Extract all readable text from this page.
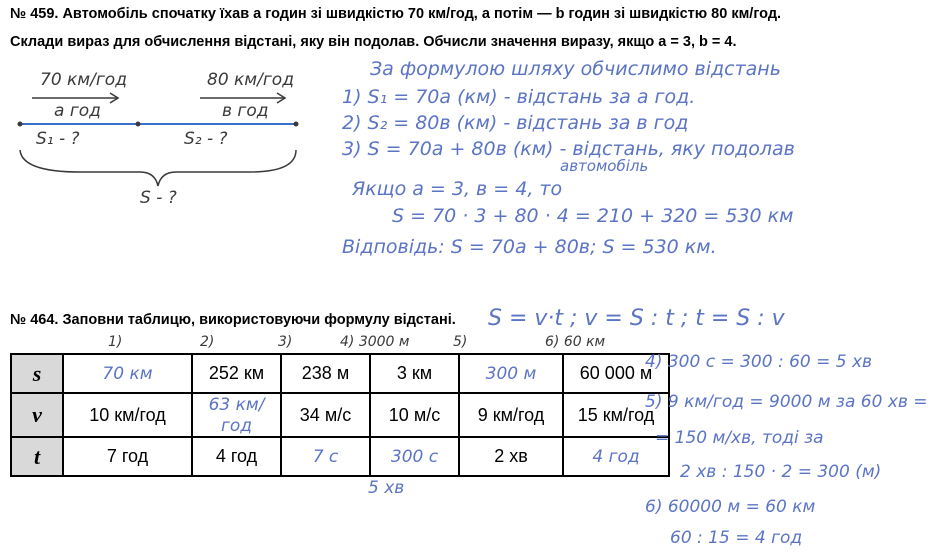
№ 459. Автомобіль спочатку їхав a годин зі швидкістю 70 км/год, а потім — b годин зі швидкістю 80 км/год.
Склади вираз для обчислення відстані, яку він подолав. Обчисли значення виразу, якщо a = 3, b = 4.
70 км/год
a год
80 км/год
в год
S₁ - ?	S₂ - ?
S - ?
За формулою шляху обчислимо відстань
1) S₁ = 70а (км) - відстань за а год.
2) S₂ = 80в (км) - відстань за в год
3) S = 70а + 80в (км) - відстань, яку подолав
автомобіль
Якщо а = 3, в = 4, то
S = 70 · 3 + 80 · 4 = 210 + 320 = 530 км
Відповідь: S = 70а + 80в; S = 530 км.
№ 464. Заповни таблицю, використовуючи формулу відстані. S = v·t ; v = S : t ; t = S : v
1)	2)	3)	4) 3000 м	5)	6) 60 км
s	70 км	252 км	238 м	3 км	300 м	60 000 м
v	10 км/год	63 км/год	34 м/с	10 м/с	9 км/год	15 км/год
t	7 год	4 год	7 с	300 с	2 хв	4 год
5 хв
4) 300 с = 300 : 60 = 5 хв
5) 9 км/год = 9000 м за 60 хв =
= 150 м/хв, тоді за
2 хв : 150 · 2 = 300 (м)
6) 60000 м = 60 км
60 : 15 = 4 год
